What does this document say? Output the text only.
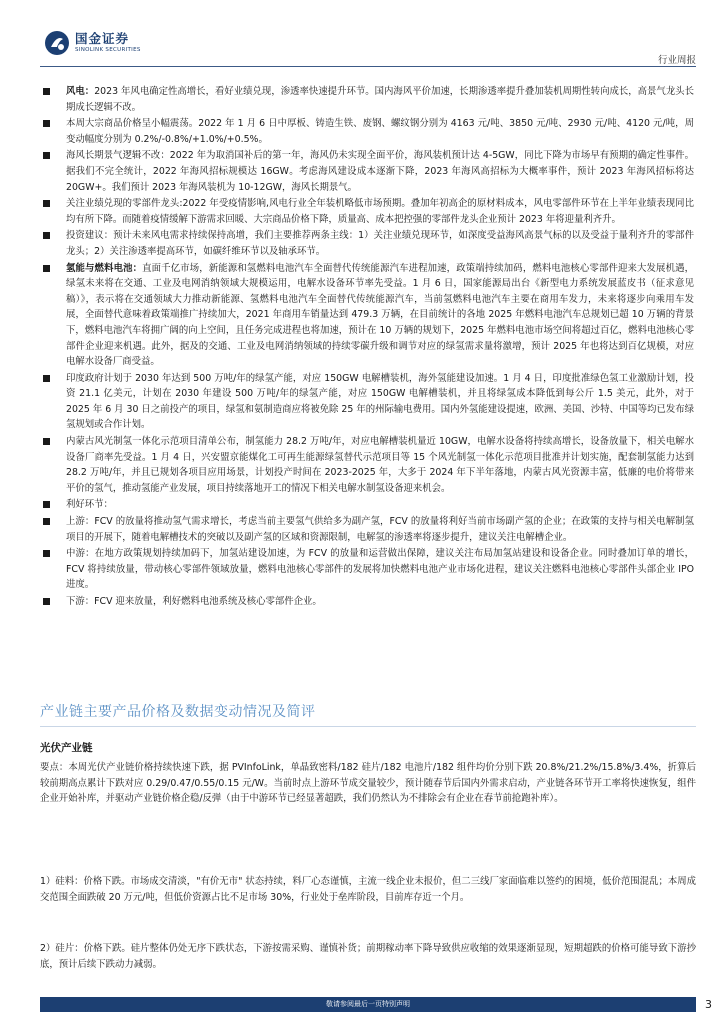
国金证券
SINOLINK SECURITIES
行业周报
风电：2023 年风电确定性高增长，看好业绩兑现，渗透率快速提升环节。国内海风平价加速，长期渗透率提升叠加装机周期性转向成长，高景气龙头长期成长逻辑不改。
本周大宗商品价格呈小幅震荡。2022 年 1 月 6 日中厚板、铸造生铁、废钢、螺纹钢分别为 4163 元/吨、3850 元/吨、2930 元/吨、4120 元/吨，周变动幅度分别为 0.2%/-0.8%/+1.0%/+0.5%。
海风长期景气逻辑不改：2022 年为取消国补后的第一年，海风仍未实现全面平价，海风装机预计达 4-5GW，同比下降为市场早有预期的确定性事件。据我们不完全统计，2022 年海风招标规模达 16GW。考虑海风建设成本逐渐下降，2023 年海风高招标为大概率事件，预计 2023 年海风招标将达 20GW+。我们预计 2023 年海风装机为 10-12GW，海风长期景气。
关注业绩兑现的零部件龙头:2022 年受疫情影响,风电行业全年装机略低市场预期。叠加年初高企的原材料成本，风电零部件环节在上半年业绩表现同比均有所下降。而随着疫情缓解下游需求回暖、大宗商品价格下降，质量高、成本把控强的零部件龙头企业预计 2023 年将迎量利齐升。
投资建议：预计未来风电需求持续保持高增，我们主要推荐两条主线：1）关注业绩兑现环节，如深度受益海风高景气标的以及受益于量利齐升的零部件龙头；2）关注渗透率提高环节，如碳纤维环节以及轴承环节。
氢能与燃料电池：直面千亿市场，新能源和氢燃料电池汽车全面替代传统能源汽车进程加速，政策端持续加码，燃料电池核心零部件迎来大发展机遇，绿氢未来将在交通、工业及电网消纳领域大规模运用，电解水设备环节率先受益。1 月 6 日，国家能源局出台《新型电力系统发展蓝皮书（征求意见稿）》，表示将在交通领域大力推动新能源、氢燃料电池汽车全面替代传统能源汽车，当前氢燃料电池汽车主要在商用车发力，未来将逐步向乘用车发展，全面替代意味着政策端推广持续加大，2021 年商用车销量达到 479.3 万辆，在目前统计的各地 2025 年燃料电池汽车总规划已超 10 万辆的背景下，燃料电池汽车将拥广阔的向上空间，且任务完成进程也将加速，预计在 10 万辆的规划下，2025 年燃料电池市场空间将超过百亿，燃料电池核心零部件企业迎来机遇。此外，据及的交通、工业及电网消纳领域的持续零碳升级和调节对应的绿氢需求量将激增，预计 2025 年也将达到百亿规模，对应电解水设备厂商受益。
印度政府计划于 2030 年达到 500 万吨/年的绿氢产能，对应 150GW 电解槽装机，海外氢能建设加速。1 月 4 日，印度批准绿色氢工业激励计划，投资 21.1 亿美元，计划在 2030 年建设 500 万吨/年的绿氢产能，对应 150GW 电解槽装机，并且将绿氢成本降低到每公斤 1.5 美元，此外，对于 2025 年 6 月 30 日之前投产的项目，绿氢和氨制造商应将被免除 25 年的州际输电费用。国内外氢能建设提速，欧洲、美国、沙特、中国等均已发布绿氢规划或合作计划。
内蒙古风光制氢一体化示范项目清单公布，制氢能力 28.2 万吨/年，对应电解槽装机量近 10GW，电解水设备将持续高增长，设备放量下，相关电解水设备厂商率先受益。1 月 4 日，兴安盟京能煤化工可再生能源绿氢替代示范项目等 15 个风光制氢一体化示范项目批准并计划实施，配套制氢能力达到 28.2 万吨/年，并且已规划各项目应用场景，计划投产时间在 2023-2025 年，大多于 2024 年下半年落地，内蒙古风光资源丰富，低廉的电价将带来平价的氢气，推动氢能产业发展，项目持续落地开工的情况下相关电解水制氢设备迎来机会。
利好环节：
上游：FCV 的放量将推动氢气需求增长，考虑当前主要氢气供给多为副产氢，FCV 的放量将利好当前市场副产氢的企业；在政策的支持与相关电解制氢项目的开展下，随着电解槽技术的突破以及副产氢的区域和资源限制，电解氢的渗透率将逐步提升，建议关注电解槽企业。
中游：在地方政策规划持续加码下，加氢站建设加速，为 FCV 的放量和运营做出保障，建议关注布局加氢站建设和设备企业。同时叠加订单的增长，FCV 将持续放量，带动核心零部件领域放量，燃料电池核心零部件的发展将加快燃料电池产业市场化进程，建议关注燃料电池核心零部件头部企业 IPO 进度。
下游：FCV 迎来放量，利好燃料电池系统及核心零部件企业。
产业链主要产品价格及数据变动情况及简评
光伏产业链
要点：本周光伏产业链价格持续快速下跌，据 PVInfoLink，单晶致密料/182 硅片/182 电池片/182 组件均价分别下跌 20.8%/21.2%/15.8%/3.4%，折算后较前期高点累计下跌对应 0.29/0.47/0.55/0.15 元/W。当前时点上游环节成交量较少，预计随春节后国内外需求启动，产业链各环节开工率将快速恢复，组件企业开始补库，并驱动产业链价格企稳/反弹（由于中游环节已经显著超跌，我们仍然认为不排除会有企业在春节前抢跑补库）。
1）硅料：价格下跌。市场成交清淡，"有价无市" 状态持续，料厂心态谨慎，主流一线企业未报价，但二三线厂家面临难以签约的困境，低价范围混乱；本周成交范围全面跌破 20 万元/吨，但低价资源占比不足市场 30%，行业处于垒库阶段，目前库存近一个月。
2）硅片：价格下跌。硅片整体仍处无序下跌状态，下游按需采购、谨慎补货；前期稼动率下降导致供应收缩的效果逐渐显现，短期超跌的价格可能导致下游抄底，预计后续下跌动力减弱。
敬请参阅最后一页特别声明	3
